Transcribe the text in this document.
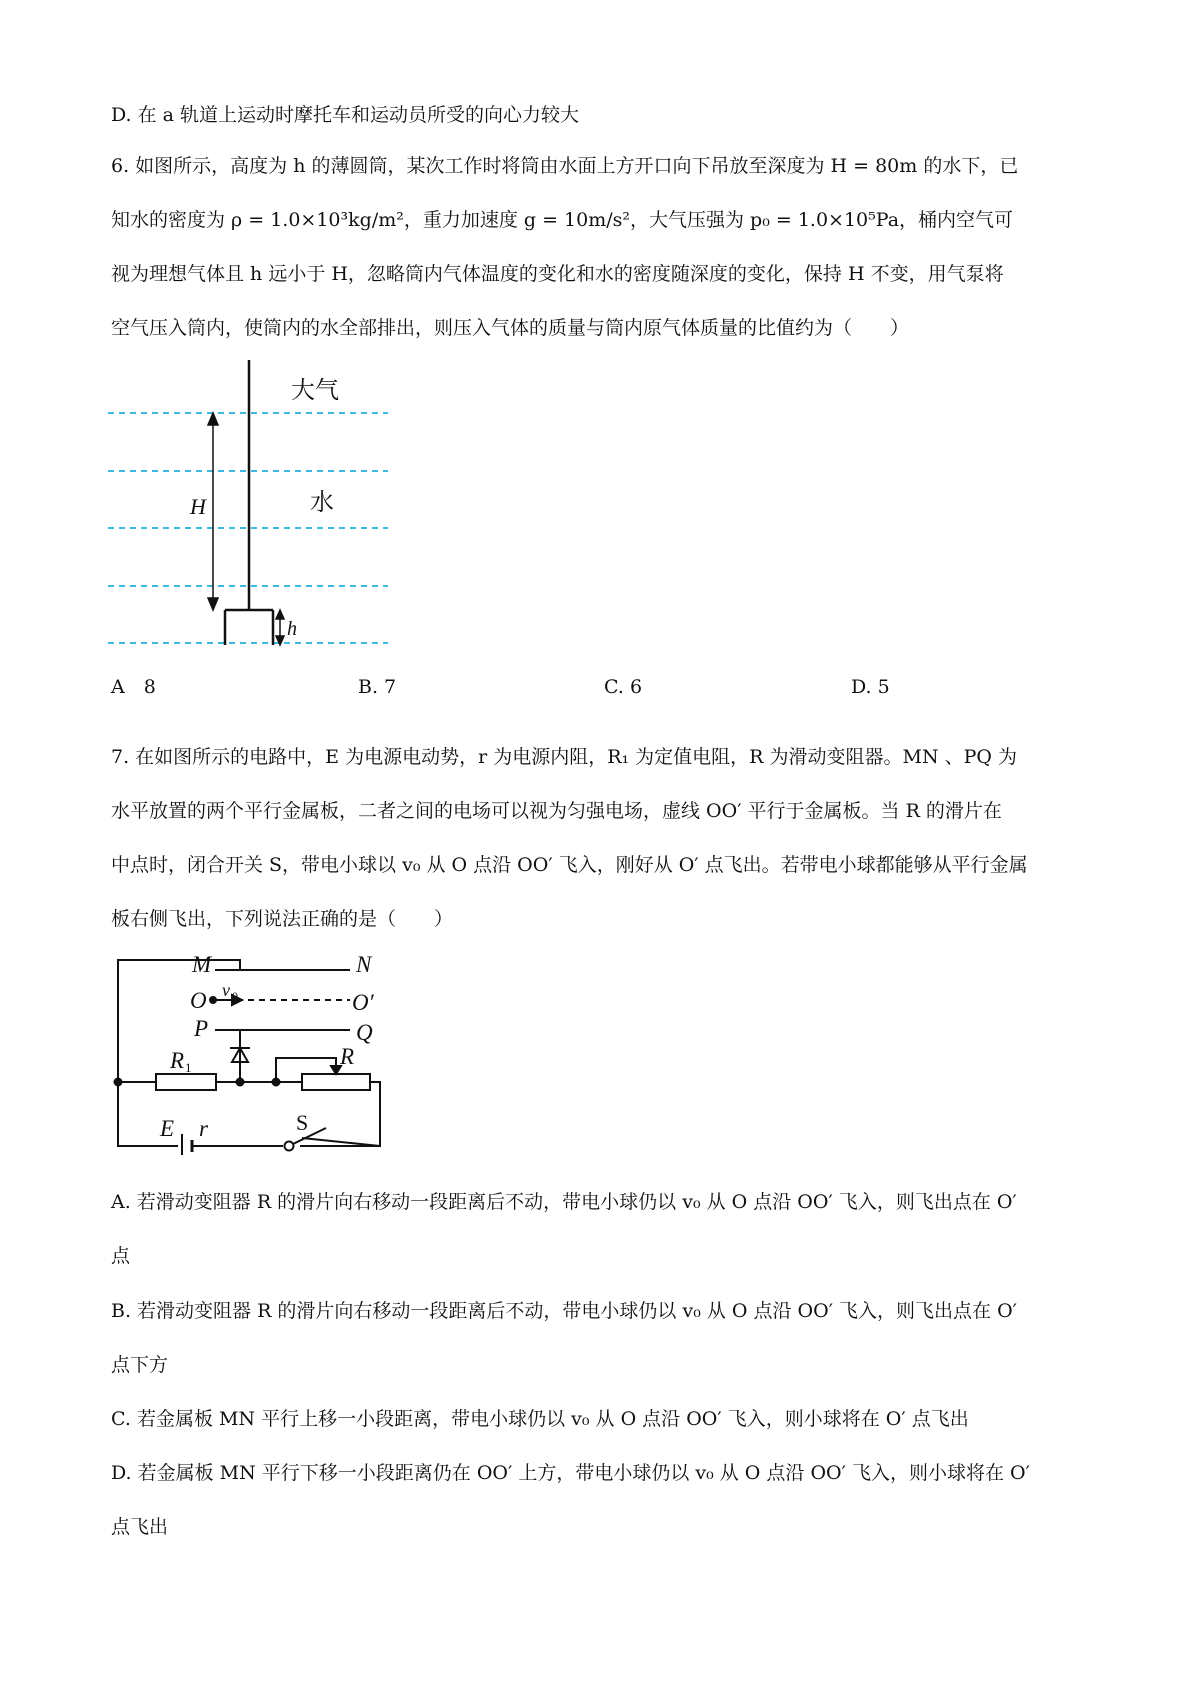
D. 在 a 轨道上运动时摩托车和运动员所受的向心力较大
6. 如图所示，高度为 h 的薄圆筒，某次工作时将筒由水面上方开口向下吊放至深度为 H = 80m 的水下，已
知水的密度为 ρ = 1.0×10³kg/m²，重力加速度 g = 10m/s²，大气压强为 p₀ = 1.0×10⁵Pa，桶内空气可
视为理想气体且 h 远小于 H，忽略筒内气体温度的变化和水的密度随深度的变化，保持 H 不变，用气泵将
空气压入筒内，使筒内的水全部排出，则压入气体的质量与筒内原气体质量的比值约为（　　）
大气
水
H
h
A　8	B. 7	C. 6	D. 5
7. 在如图所示的电路中，E 为电源电动势，r 为电源内阻，R₁ 为定值电阻，R 为滑动变阻器。MN 、PQ 为
水平放置的两个平行金属板，二者之间的电场可以视为匀强电场，虚线 OO′ 平行于金属板。当 R 的滑片在
中点时，闭合开关 S，带电小球以 v₀ 从 O 点沿 OO′ 飞入，刚好从 O′ 点飞出。若带电小球都能够从平行金属
板右侧飞出，下列说法正确的是（　　）
M	N
O	O′
P	Q
R	R
E r
v 0
1
S
A. 若滑动变阻器 R 的滑片向右移动一段距离后不动，带电小球仍以 v₀ 从 O 点沿 OO′ 飞入，则飞出点在 O′
点
B. 若滑动变阻器 R 的滑片向右移动一段距离后不动，带电小球仍以 v₀ 从 O 点沿 OO′ 飞入，则飞出点在 O′
点下方
C. 若金属板 MN 平行上移一小段距离，带电小球仍以 v₀ 从 O 点沿 OO′ 飞入，则小球将在 O′ 点飞出
D. 若金属板 MN 平行下移一小段距离仍在 OO′ 上方，带电小球仍以 v₀ 从 O 点沿 OO′ 飞入，则小球将在 O′
点飞出
